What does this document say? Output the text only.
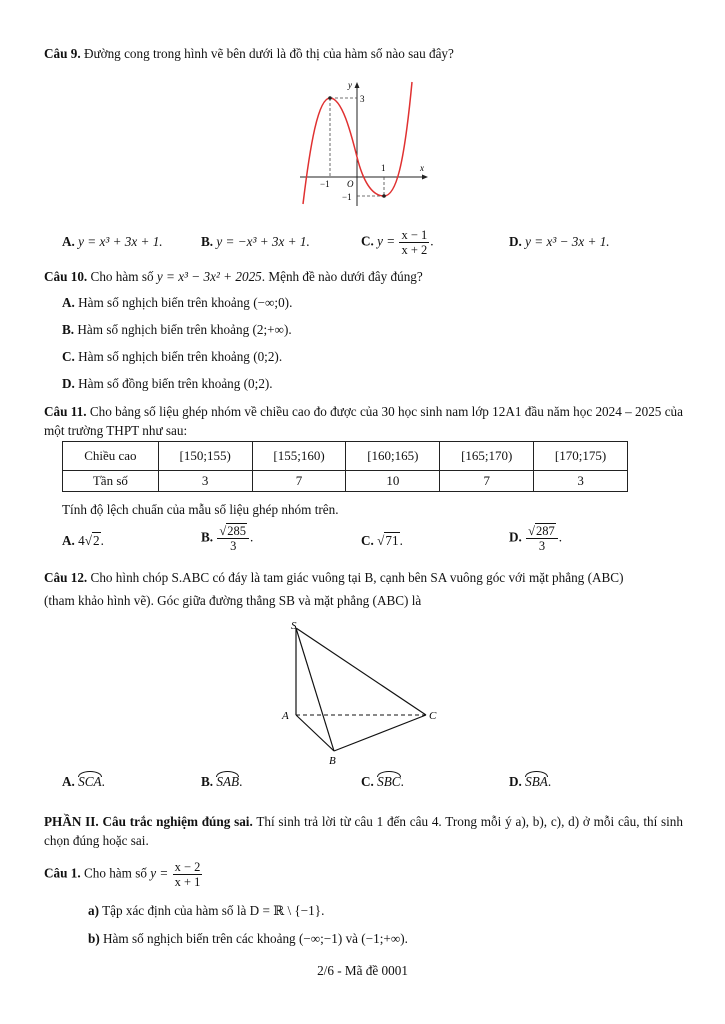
Câu 9. Đường cong trong hình vẽ bên dưới là đồ thị của hàm số nào sau đây?
y
x
3
−1 O
1
−1
A. y = x³ + 3x + 1.	B. y = −x³ + 3x + 1.	C. $y = \frac{x - 1}{x + 2}$ .	D. y = x³ − 3x + 1.
Câu 10. Cho hàm số y = x³ − 3x² + 2025. Mệnh đề nào dưới đây đúng?
A. Hàm số nghịch biến trên khoảng (−∞;0).
B. Hàm số nghịch biến trên khoảng (2;+∞).
C. Hàm số nghịch biến trên khoảng (0;2).
D. Hàm số đồng biến trên khoảng (0;2).
Câu 11. Cho bảng số liệu ghép nhóm về chiều cao đo được của 30 học sinh nam lớp 12A1 đầu năm học 2024 – 2025 của một trường THPT như sau:
Chiều cao	[150;155)	[155;160)	[160;165)	[165;170)	[170;175)
Tần số	3	7	10	7	3
Tính độ lệch chuẩn của mẫu số liệu ghép nhóm trên.
A. 4√2.	B. $\frac{√285}{3}$ .	C. √71.	D. $\frac{√287}{3}$ .
Câu 12. Cho hình chóp S.ABC có đáy là tam giác vuông tại B, cạnh bên SA vuông góc với mặt phẳng (ABC)
(tham khảo hình vẽ). Góc giữa đường thẳng SB và mặt phẳng (ABC) là
S
A
B
C
A. SCA.	B. SAB.	C. SBC.	D. SBA.
PHẦN II. Câu trắc nghiệm đúng sai. Thí sinh trả lời từ câu 1 đến câu 4. Trong mỗi ý a), b), c), d) ở mỗi câu, thí sinh chọn đúng hoặc sai.
Câu 1. Cho hàm số $y = \frac{x - 2}{x + 1}$
a) Tập xác định của hàm số là D = ℝ \ {−1}.
b) Hàm số nghịch biến trên các khoảng (−∞;−1) và (−1;+∞).
2/6 - Mã đề 0001
